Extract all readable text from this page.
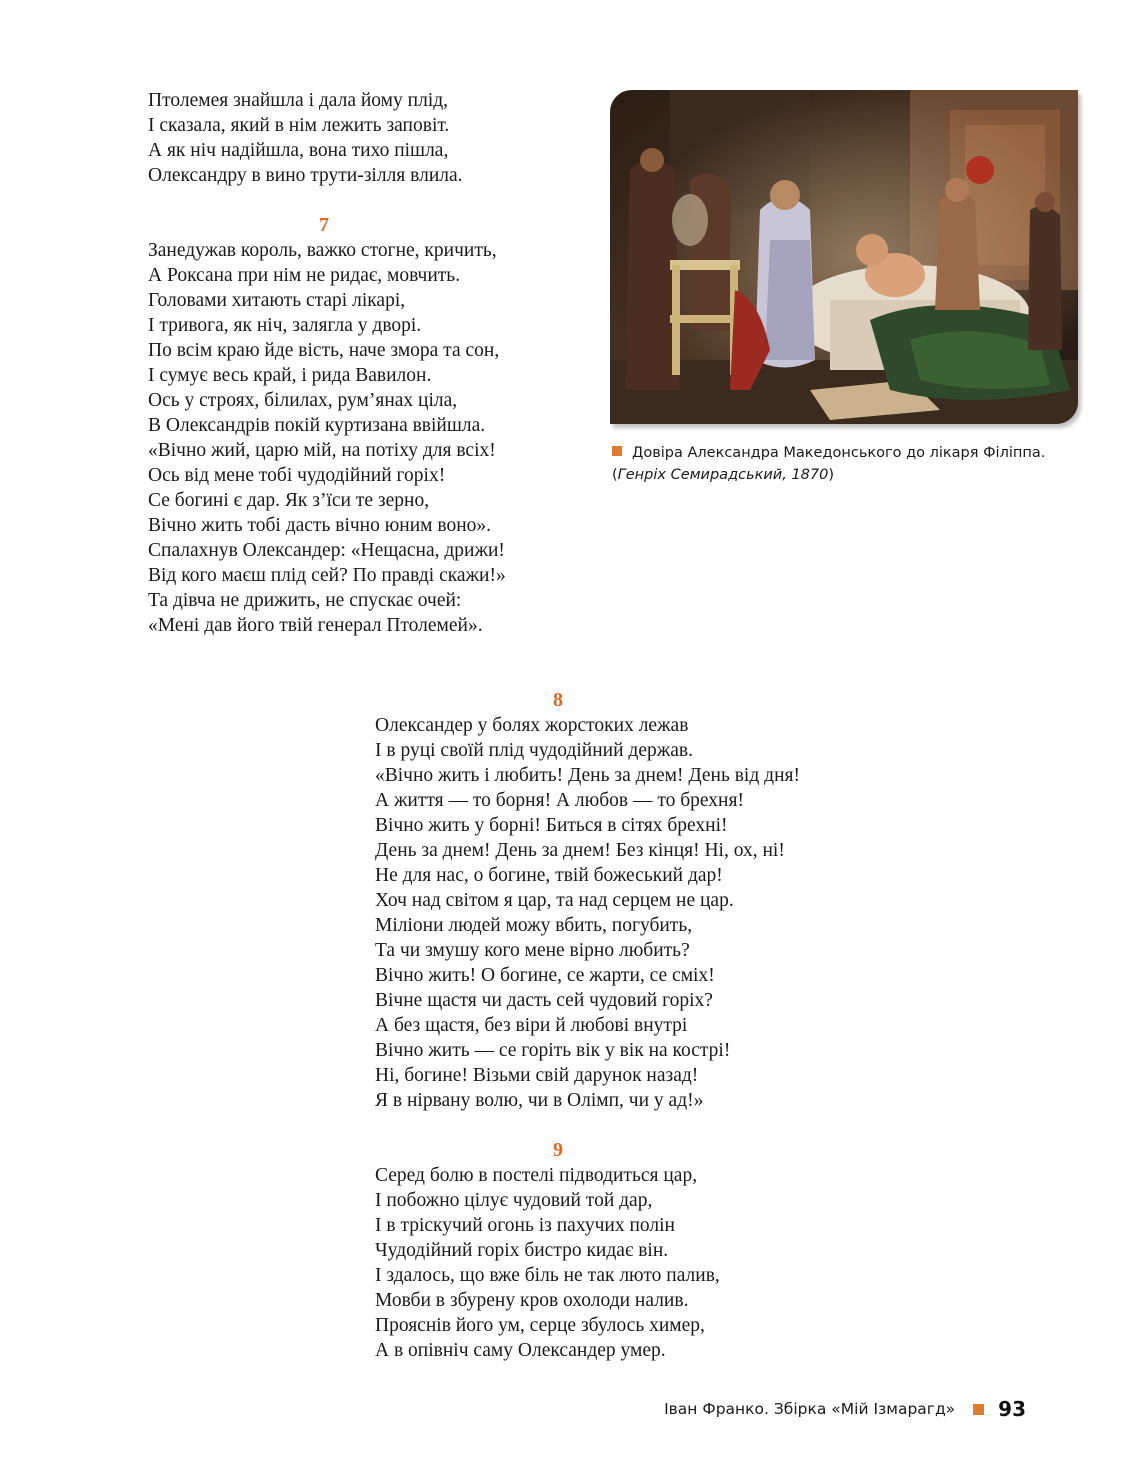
Птолемея знайшла і дала йому плід,
І сказала, який в нім лежить заповіт.
А як ніч надійшла, вона тихо пішла,
Олександру в вино трути-зілля влила.
7
Занедужав король, важко стогне, кричить,
А Роксана при нім не ридає, мовчить.
Головами хитають старі лікарі,
І тривога, як ніч, залягла у дворі.
По всім краю йде вість, наче змора та сон,
І сумує весь край, і рида Вавилон.
Ось у строях, білилах, рум’янах ціла,
В Олександрів покій куртизана ввійшла.
«Вічно жий, царю мій, на потіху для всіх!
Ось від мене тобі чудодійний горіх!
Се богині є дар. Як з’їси те зерно,
Вічно жить тобі дасть вічно юним воно».
Спалахнув Олександер: «Нещасна, дрижи!
Від кого маєш плід сей? По правді скажи!»
Та дівча не дрижить, не спускає очей:
«Мені дав його твій генерал Птолемей».
Довіра Александра Македонського до лікаря Філіппа.
(Генріх Семирадський, 1870)
8
Олександер у болях жорстоких лежав
І в руці своїй плід чудодійний держав.
«Вічно жить і любить! День за днем! День від дня!
А життя — то борня! А любов — то брехня!
Вічно жить у борні! Биться в сітях брехні!
День за днем! День за днем! Без кінця! Ні, ох, ні!
Не для нас, о богине, твій божеський дар!
Хоч над світом я цар, та над серцем не цар.
Міліони людей можу вбить, погубить,
Та чи змушу кого мене вірно любить?
Вічно жить! О богине, се жарти, се сміх!
Вічне щастя чи дасть сей чудовий горіх?
А без щастя, без віри й любові внутрі
Вічно жить — се горіть вік у вік на кострі!
Ні, богине! Візьми свій дарунок назад!
Я в нірвану волю, чи в Олімп, чи у ад!»
9
Серед болю в постелі підводиться цар,
І побожно цілує чудовий той дар,
І в тріскучий огонь із пахучих полін
Чудодійний горіх бистро кидає він.
І здалось, що вже біль не так люто палив,
Мовби в збурену кров охолоди налив.
Прояснів його ум, серце збулось химер,
А в опівніч саму Олександер умер.
Іван Франко. Збірка «Мій Ізмарагд» 93
